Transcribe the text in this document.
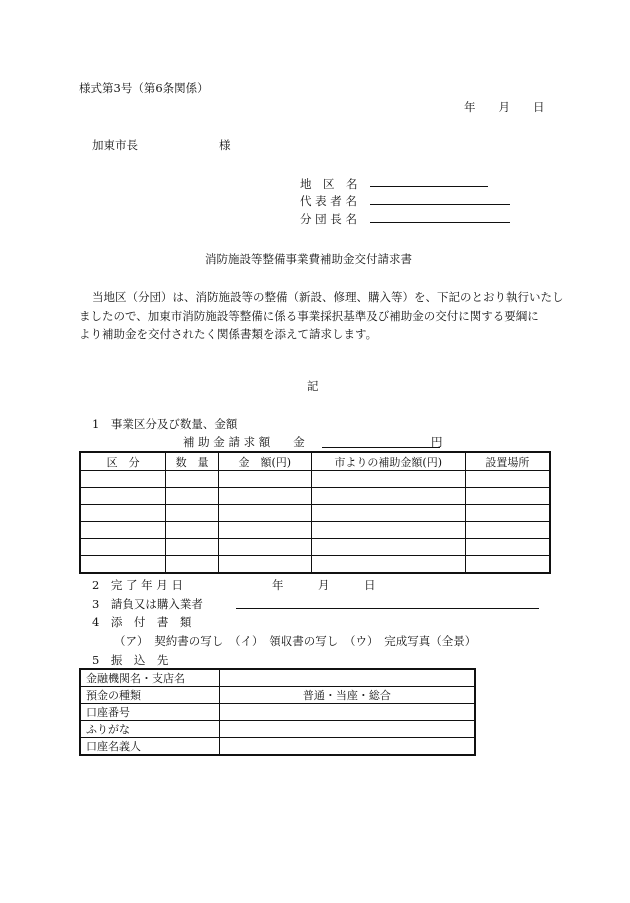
様式第3号（第6条関係）
年　　月　　日
加東市長	様
地　区　名
代 表 者 名
分 団 長 名
消防施設等整備事業費補助金交付請求書
当地区（分団）は、消防施設等の整備（新設、修理、購入等）を、下記のとおり執行いたし
ましたので、加東市消防施設等整備に係る事業採択基準及び補助金の交付に関する要綱に
より補助金を交付されたく関係書類を添えて請求します。
記
1　事業区分及び数量、金額
補 助 金 請 求 額　　金	円
区　分	数　量	金　額(円)	市よりの補助金額(円)	設置場所

2　完 了 年 月 日	年　　　月　　　日
3　請負又は購入業者
4　添　付　書　類
（ア）　契約書の写し　（イ）　領収書の写し　（ウ）　完成写真（全景）
5　振　込　先
金融機関名・支店名	
預金の種類	普通・当座・総合
口座番号	
ふりがな	
口座名義人	
